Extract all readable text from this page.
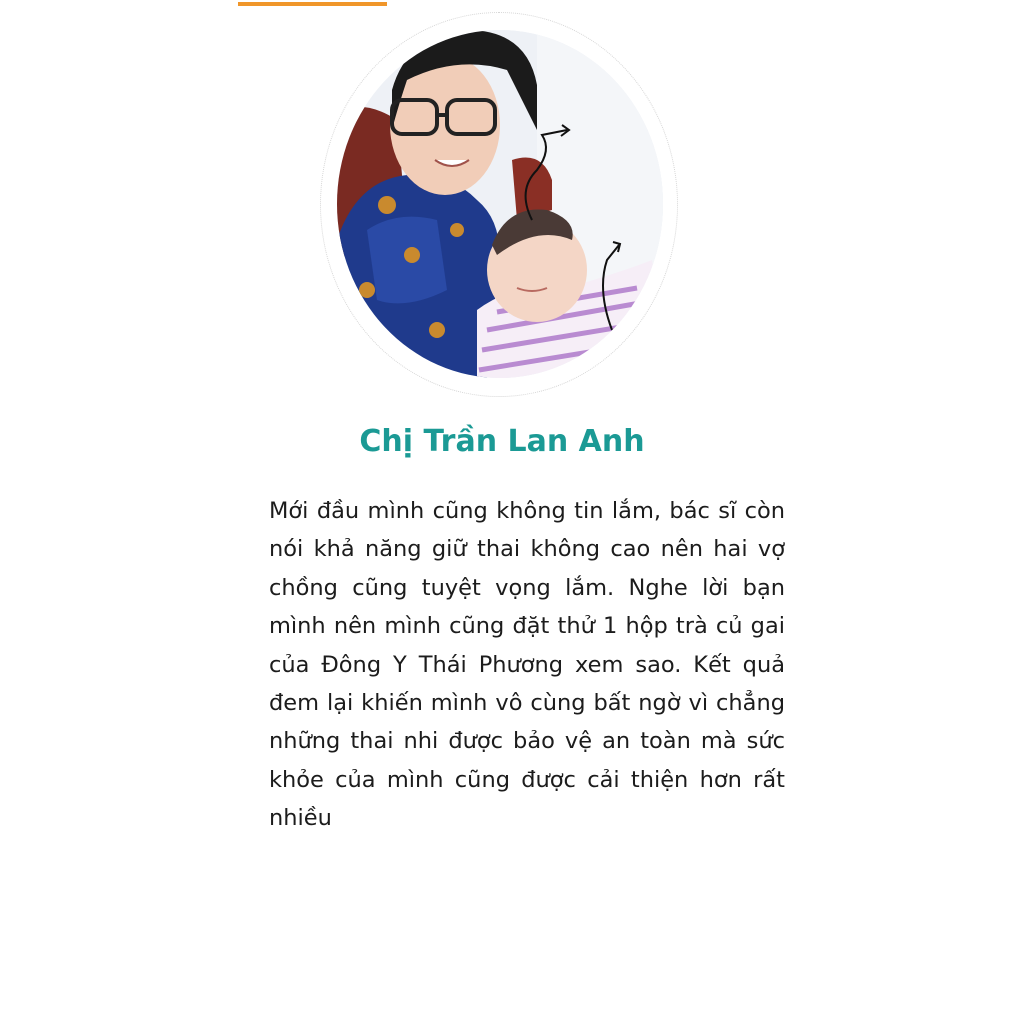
Chị Trần Lan Anh

Mới đầu mình cũng không tin lắm, bác sĩ còn nói khả năng giữ thai không cao nên hai vợ chồng cũng tuyệt vọng lắm. Nghe lời bạn mình nên mình cũng đặt thử 1 hộp trà củ gai của Đông Y Thái Phương xem sao. Kết quả đem lại khiến mình vô cùng bất ngờ vì chẳng những thai nhi được bảo vệ an toàn mà sức khỏe của mình cũng được cải thiện hơn rất nhiều
